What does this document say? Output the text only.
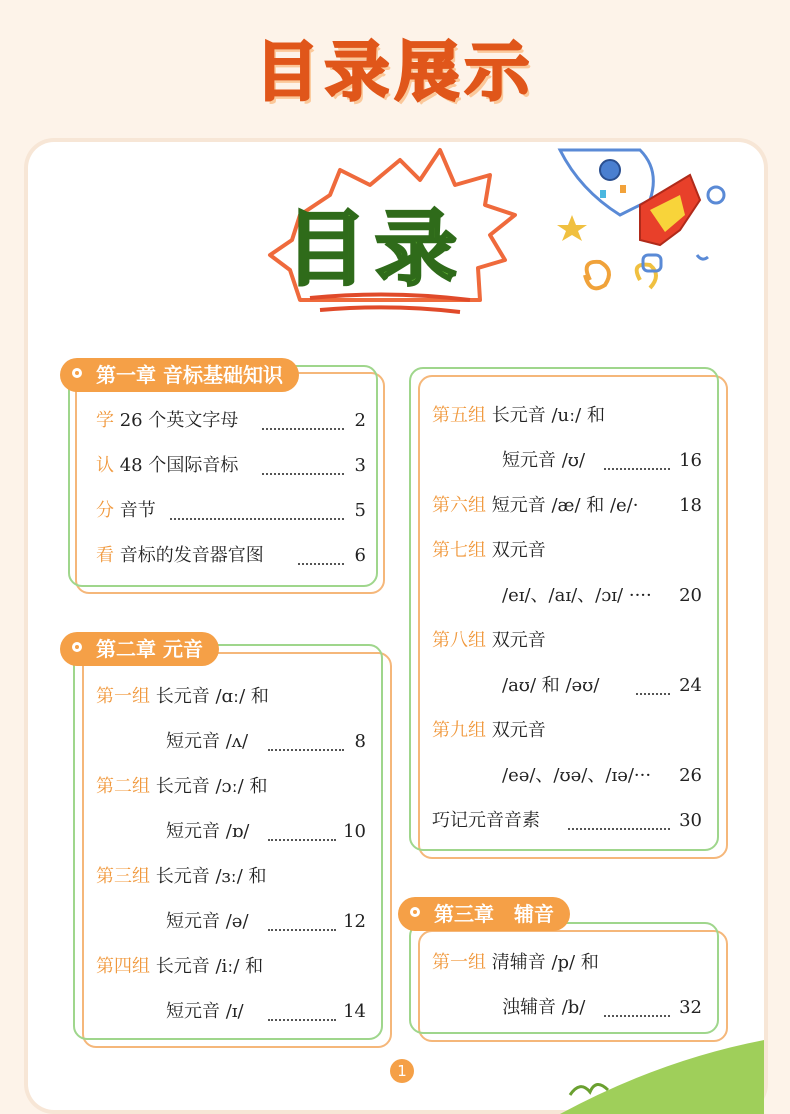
目录展示
目录
第一章 音标基础知识
学 26 个英文字母	2
认 48 个国际音标	3
分 音节	5
看 音标的发音器官图	6
第二章 元音
第一组 长元音 /ɑː/ 和
短元音 /ʌ/	8
第二组 长元音 /ɔː/ 和
短元音 /ɒ/	10
第三组 长元音 /ɜː/ 和
短元音 /ə/	12
第四组 长元音 /iː/ 和
短元音 /ɪ/	14
第五组 长元音 /uː/ 和
短元音 /ʊ/	16
第六组 短元音 /æ/ 和 /e/·	18
第七组 双元音
/eɪ/、/aɪ/、/ɔɪ/ ····	20
第八组 双元音
/aʊ/ 和 /əʊ/	24
第九组 双元音
/eə/、/ʊə/、/ɪə/···	26
巧记元音音素	30
第三章　辅音
第一组 清辅音 /p/ 和
浊辅音 /b/	32
1
